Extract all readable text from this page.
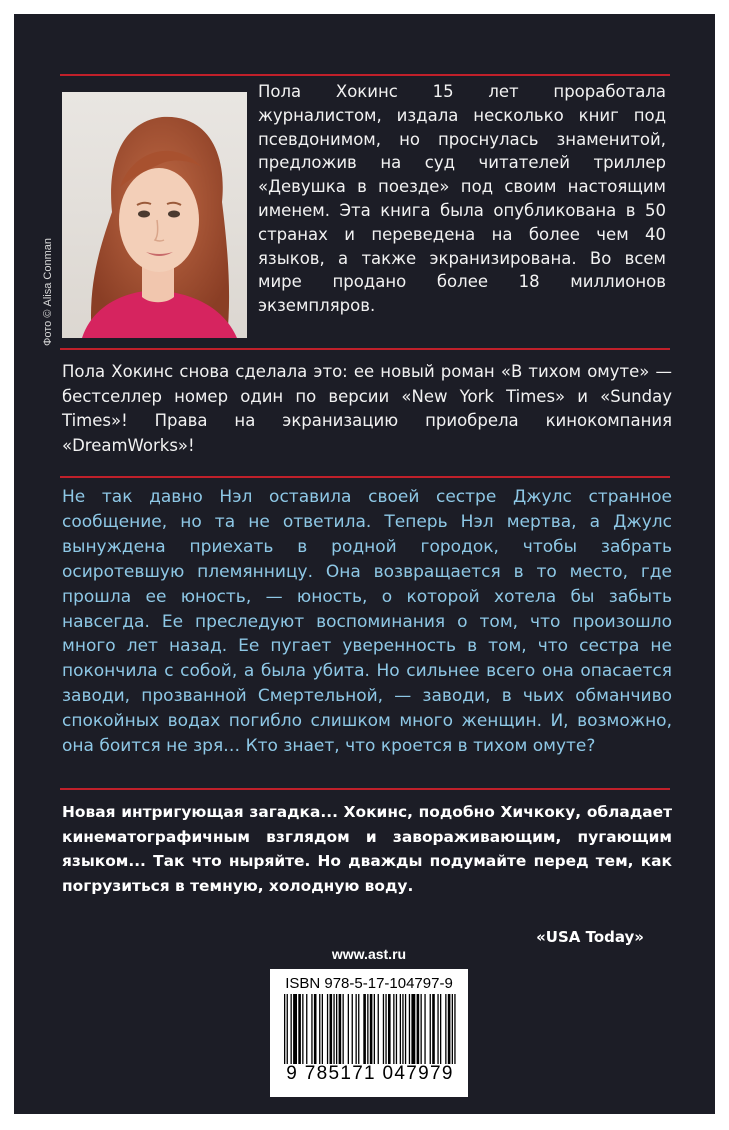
Фото © Alisa Conman
Пола Хокинс 15 лет проработала журналистом, издала несколько книг под псевдонимом, но проснулась знаменитой, предложив на суд читателей триллер «Девушка в поезде» под своим настоящим именем. Эта книга была опубликована в 50 странах и переведена на более чем 40 языков, а также экранизирована. Во всем мире продано более 18 миллионов экземпляров.
Пола Хокинс снова сделала это: ее новый роман «В тихом омуте» — бестселлер номер один по версии «New York Times» и «Sunday Times»! Права на экранизацию приобрела кинокомпания «DreamWorks»!
Не так давно Нэл оставила своей сестре Джулс странное сообщение, но та не ответила. Теперь Нэл мертва, а Джулс вынуждена приехать в родной городок, чтобы забрать осиротевшую племянницу. Она возвращается в то место, где прошла ее юность, — юность, о которой хотела бы забыть навсегда. Ее преследуют воспоминания о том, что произошло много лет назад. Ее пугает уверенность в том, что сестра не покончила с собой, а была убита. Но сильнее всего она опасается заводи, прозванной Смертельной, — заводи, в чьих обманчиво спокойных водах погибло слишком много женщин. И, возможно, она боится не зря… Кто знает, что кроется в тихом омуте?
Новая интригующая загадка... Хокинс, подобно Хичкоку, обладает кинематографичным взглядом и завораживающим, пугающим языком... Так что ныряйте. Но дважды подумайте перед тем, как погрузиться в темную, холодную воду.
«USA Today»
www.ast.ru
ISBN 978-5-17-104797-9
9 785171 047979
